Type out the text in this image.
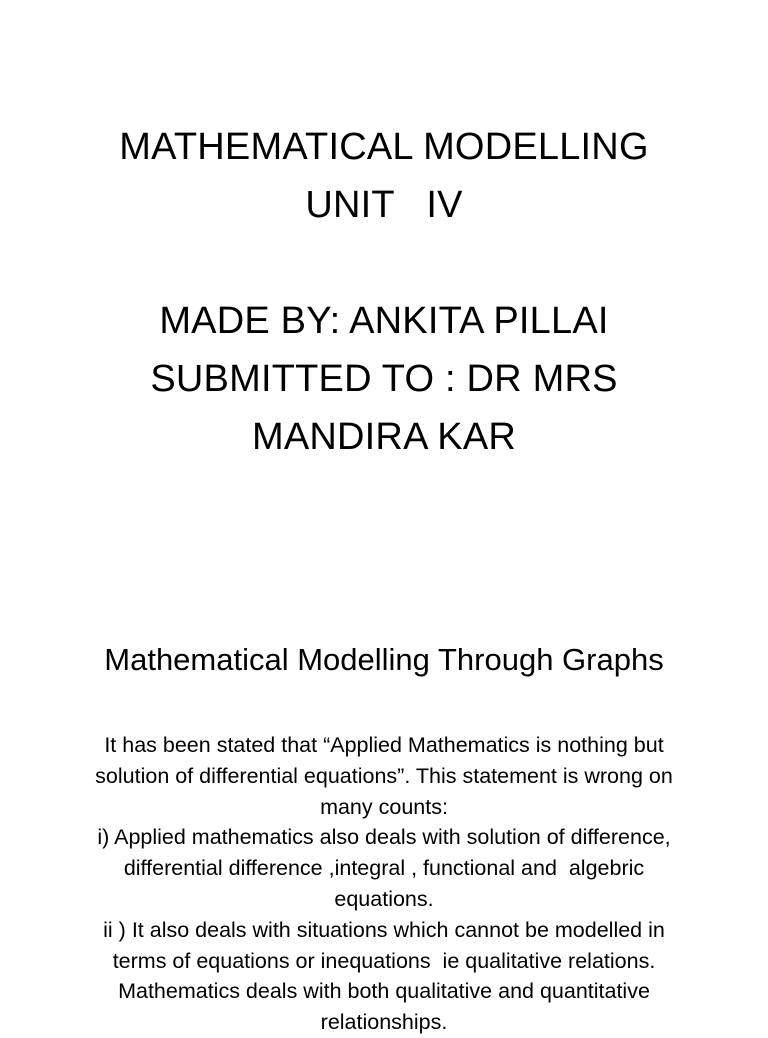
MATHEMATICAL MODELLING
UNIT   IV
MADE BY: ANKITA PILLAI
SUBMITTED TO : DR MRS
MANDIRA KAR
Mathematical Modelling Through Graphs
It has been stated that “Applied Mathematics is nothing but
solution of differential equations”. This statement is wrong on
many counts:
i) Applied mathematics also deals with solution of difference,
differential difference ,integral , functional and  algebric
equations.
ii ) It also deals with situations which cannot be modelled in
terms of equations or inequations  ie qualitative relations.
Mathematics deals with both qualitative and quantitative
relationships.
